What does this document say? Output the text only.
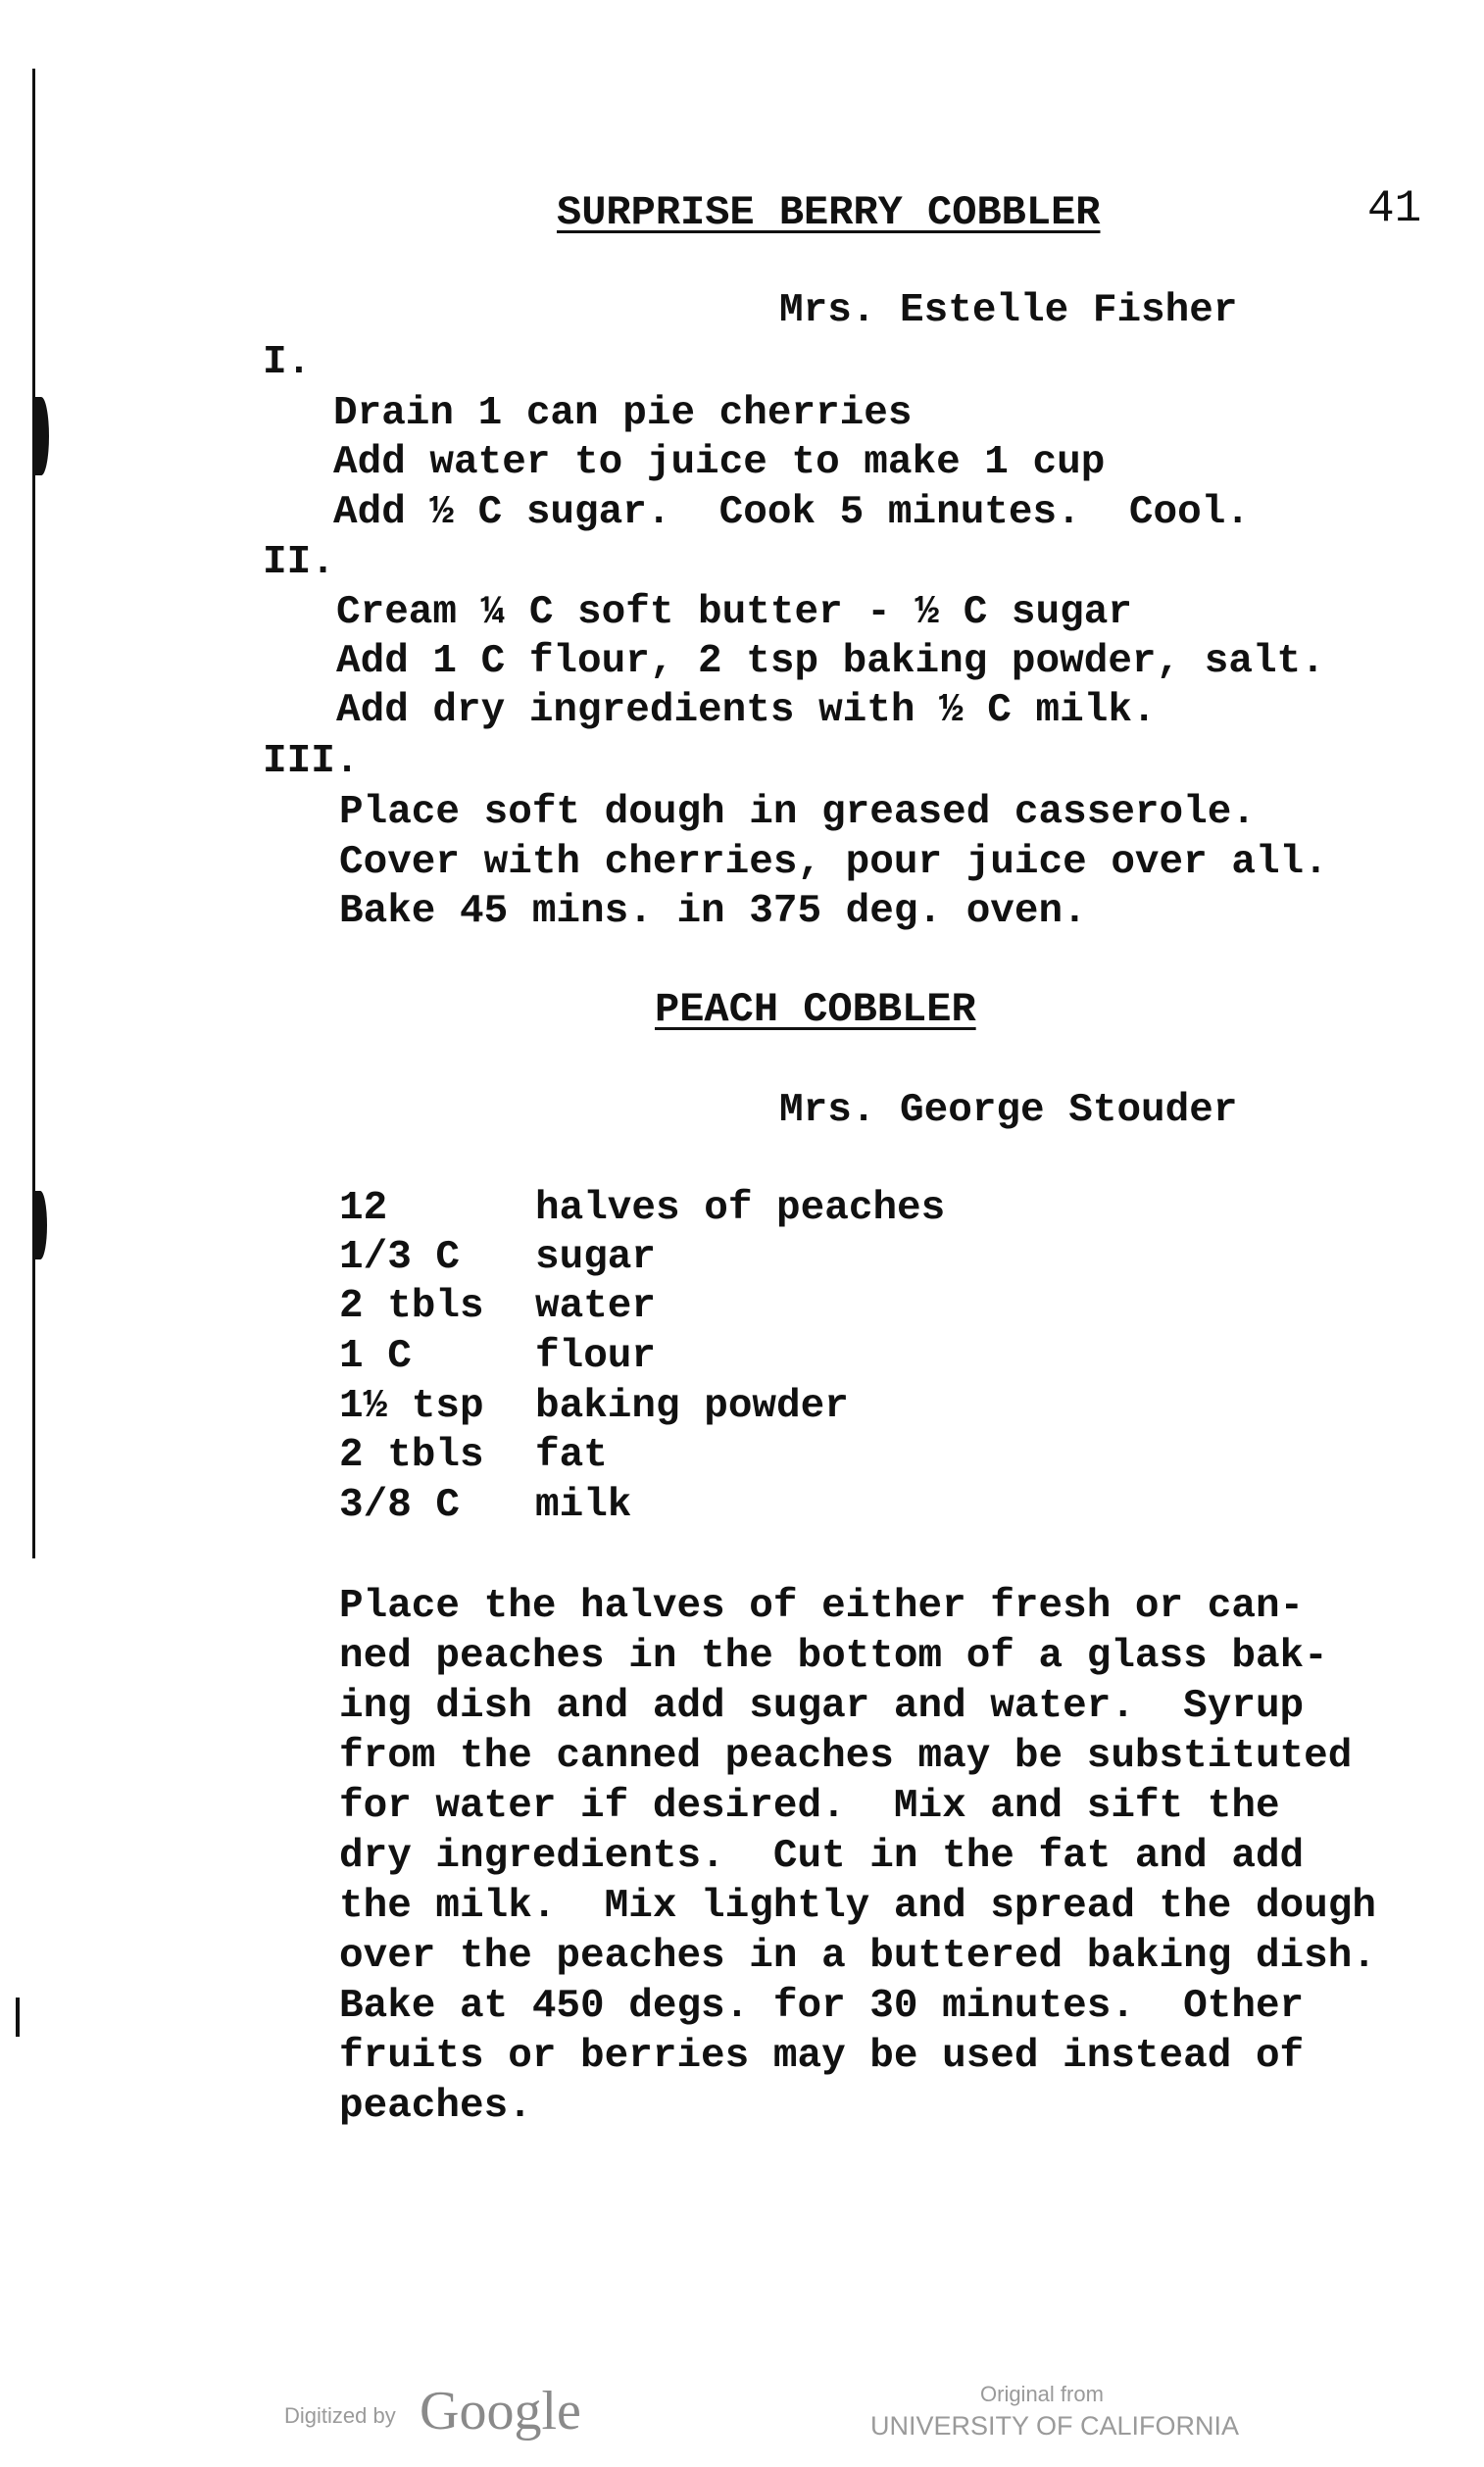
41
SURPRISE BERRY COBBLER
Mrs. Estelle Fisher
I.
Drain 1 can pie cherries
Add water to juice to make 1 cup
Add ½ C sugar.  Cook 5 minutes.  Cool.
II.
Cream ¼ C soft butter - ½ C sugar
Add 1 C flour, 2 tsp baking powder, salt.
Add dry ingredients with ½ C milk.
III.
Place soft dough in greased casserole.
Cover with cherries, pour juice over all.
Bake 45 mins. in 375 deg. oven.
PEACH COBBLER
Mrs. George Stouder
12	halves of peaches
1/3 C sugar
2 tbls water
1 C	flour
1½ tsp baking powder
2 tbls fat
3/8 C milk
Place the halves of either fresh or can-
ned peaches in the bottom of a glass bak-
ing dish and add sugar and water.  Syrup
from the canned peaches may be substituted
for water if desired.  Mix and sift the
dry ingredients.  Cut in the fat and add
the milk.  Mix lightly and spread the dough
over the peaches in a buttered baking dish.
Bake at 450 degs. for 30 minutes.  Other
fruits or berries may be used instead of
peaches.
Digitized by Google	Original from
UNIVERSITY OF CALIFORNIA
